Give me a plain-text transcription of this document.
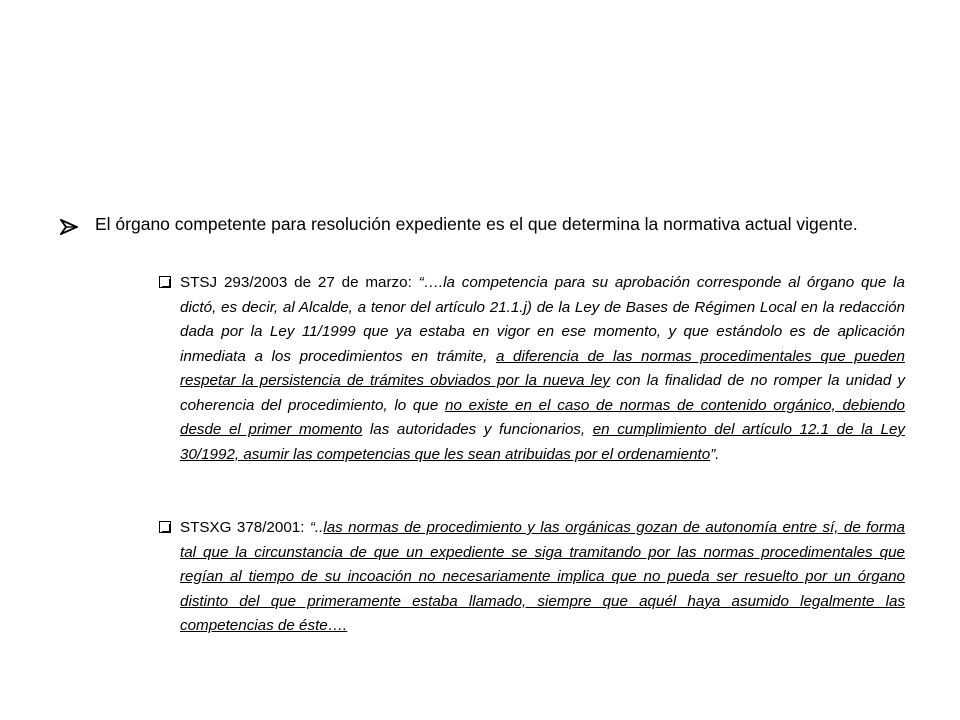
El órgano competente para resolución expediente es el que determina la normativa actual vigente.

STSJ 293/2003 de 27 de marzo: “….la competencia para su aprobación corresponde al órgano que la dictó, es decir, al Alcalde, a tenor del artículo 21.1.j) de la Ley de Bases de Régimen Local en la redacción dada por la Ley 11/1999 que ya estaba en vigor en ese momento, y que estándolo es de aplicación inmediata a los procedimientos en trámite, a diferencia de las normas procedimentales que pueden respetar la persistencia de trámites obviados por la nueva ley con la finalidad de no romper la unidad y coherencia del procedimiento, lo que no existe en el caso de normas de contenido orgánico, debiendo desde el primer momento las autoridades y funcionarios, en cumplimiento del artículo 12.1 de la Ley 30/1992, asumir las competencias que les sean atribuidas por el ordenamiento”.

STSXG 378/2001: “..las normas de procedimiento y las orgánicas gozan de autonomía entre sí, de forma tal que la circunstancia de que un expediente se siga tramitando por las normas procedimentales que regían al tiempo de su incoación no necesariamente implica que no pueda ser resuelto por un órgano distinto del que primeramente estaba llamado, siempre que aquél haya asumido legalmente las competencias de éste….
